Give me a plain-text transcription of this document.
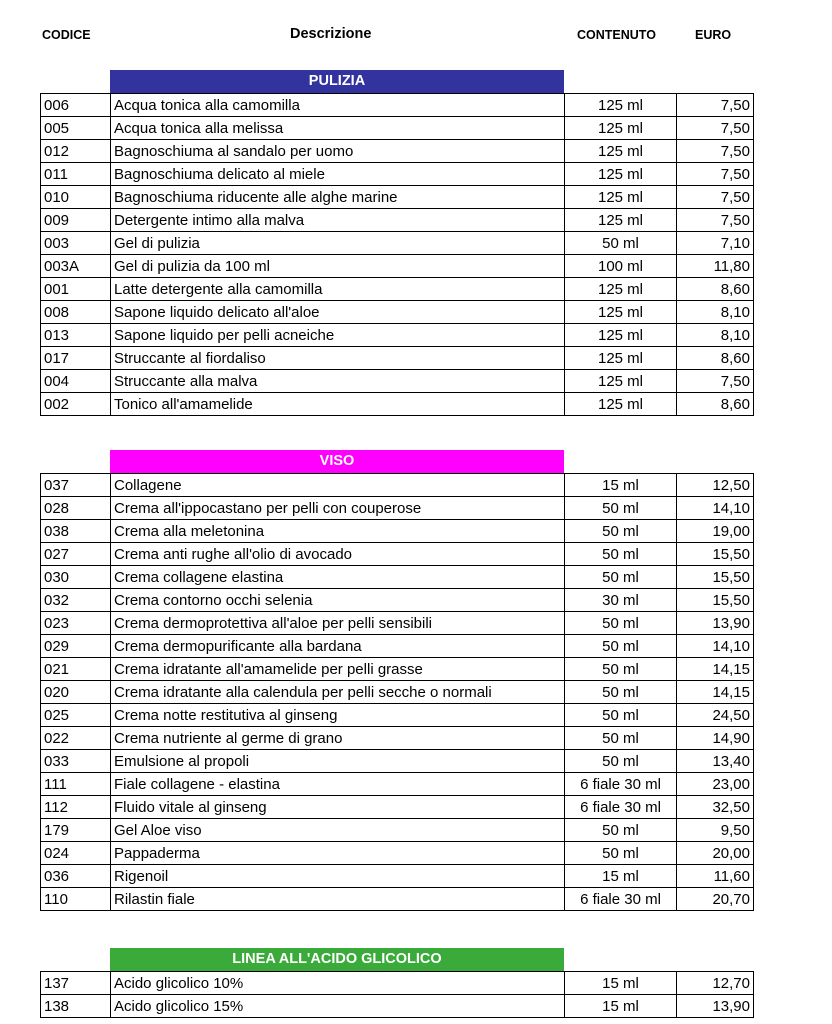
CODICE	Descrizione	CONTENUTO	EURO
PULIZIA
006	Acqua tonica alla camomilla	125 ml	7,50
005	Acqua tonica alla melissa	125 ml	7,50
012	Bagnoschiuma al sandalo per uomo	125 ml	7,50
011	Bagnoschiuma delicato al miele	125 ml	7,50
010	Bagnoschiuma riducente alle alghe marine	125 ml	7,50
009	Detergente intimo alla malva	125 ml	7,50
003	Gel di pulizia	50 ml	7,10
003A	Gel di pulizia da 100 ml	100 ml	11,80
001	Latte detergente alla camomilla	125 ml	8,60
008	Sapone liquido delicato all'aloe	125 ml	8,10
013	Sapone liquido per pelli acneiche	125 ml	8,10
017	Struccante al fiordaliso	125 ml	8,60
004	Struccante alla malva	125 ml	7,50
002	Tonico all'amamelide	125 ml	8,60
VISO
037	Collagene	15 ml	12,50
028	Crema all'ippocastano per pelli con couperose	50 ml	14,10
038	Crema alla meletonina	50 ml	19,00
027	Crema anti rughe all'olio di avocado	50 ml	15,50
030	Crema collagene elastina	50 ml	15,50
032	Crema contorno occhi selenia	30 ml	15,50
023	Crema dermoprotettiva all'aloe per pelli sensibili	50 ml	13,90
029	Crema dermopurificante alla bardana	50 ml	14,10
021	Crema idratante all'amamelide per pelli grasse	50 ml	14,15
020	Crema idratante alla calendula per pelli secche o normali	50 ml	14,15
025	Crema notte restitutiva al ginseng	50 ml	24,50
022	Crema nutriente al germe di grano	50 ml	14,90
033	Emulsione al propoli	50 ml	13,40
111	Fiale collagene - elastina	6 fiale 30 ml	23,00
112	Fluido vitale al ginseng	6 fiale 30 ml	32,50
179	Gel Aloe viso	50 ml	9,50
024	Pappaderma	50 ml	20,00
036	Rigenoil	15 ml	11,60
110	Rilastin fiale	6 fiale 30 ml	20,70
LINEA ALL'ACIDO GLICOLICO
137	Acido glicolico 10%	15 ml	12,70
138	Acido glicolico 15%	15 ml	13,90
